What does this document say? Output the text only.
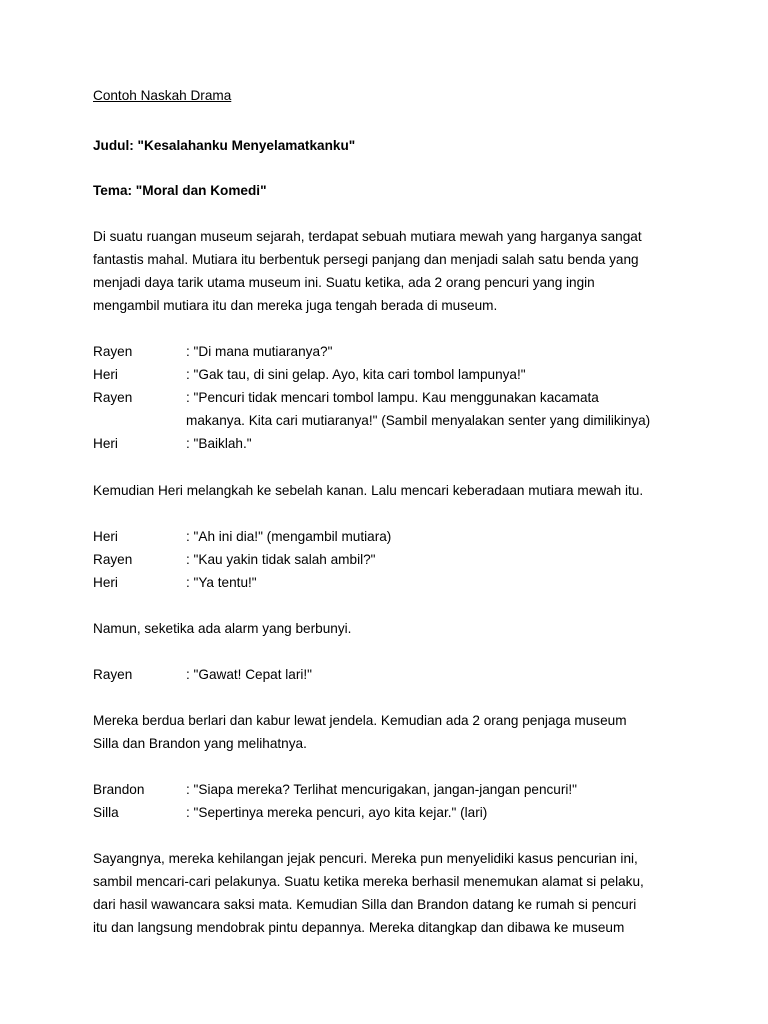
Contoh Naskah Drama
Judul: "Kesalahanku Menyelamatkanku"
Tema: "Moral dan Komedi"
Di suatu ruangan museum sejarah, terdapat sebuah mutiara mewah yang harganya sangat
fantastis mahal. Mutiara itu berbentuk persegi panjang dan menjadi salah satu benda yang
menjadi daya tarik utama museum ini. Suatu ketika, ada 2 orang pencuri yang ingin
mengambil mutiara itu dan mereka juga tengah berada di museum.
Rayen	: "Di mana mutiaranya?"
Heri	: "Gak tau, di sini gelap. Ayo, kita cari tombol lampunya!"
Rayen	: "Pencuri tidak mencari tombol lampu. Kau menggunakan kacamata
makanya. Kita cari mutiaranya!" (Sambil menyalakan senter yang dimilikinya)
Heri	: "Baiklah."
Kemudian Heri melangkah ke sebelah kanan. Lalu mencari keberadaan mutiara mewah itu.
Heri	: "Ah ini dia!" (mengambil mutiara)
Rayen	: "Kau yakin tidak salah ambil?"
Heri	: "Ya tentu!"
Namun, seketika ada alarm yang berbunyi.
Rayen	: "Gawat! Cepat lari!"
Mereka berdua berlari dan kabur lewat jendela. Kemudian ada 2 orang penjaga museum
Silla dan Brandon yang melihatnya.
Brandon	: "Siapa mereka? Terlihat mencurigakan, jangan-jangan pencuri!"
Silla	: "Sepertinya mereka pencuri, ayo kita kejar." (lari)
Sayangnya, mereka kehilangan jejak pencuri. Mereka pun menyelidiki kasus pencurian ini,
sambil mencari-cari pelakunya. Suatu ketika mereka berhasil menemukan alamat si pelaku,
dari hasil wawancara saksi mata. Kemudian Silla dan Brandon datang ke rumah si pencuri
itu dan langsung mendobrak pintu depannya. Mereka ditangkap dan dibawa ke museum
